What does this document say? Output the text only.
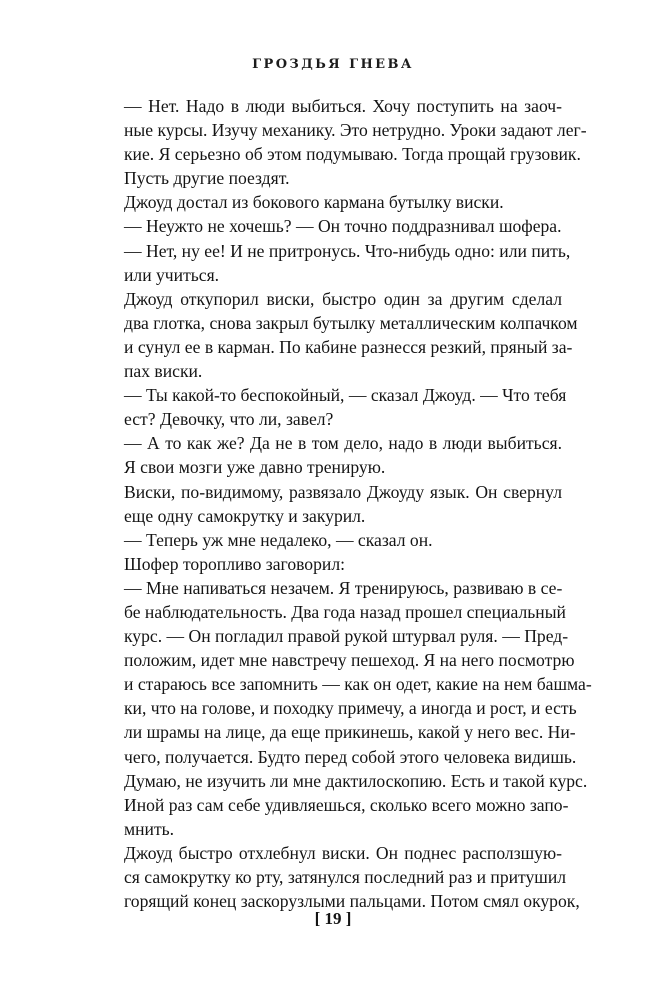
ГРОЗДЬЯ ГНЕВА

— Нет. Надо в люди выбиться. Хочу поступить на заоч-
ные курсы. Изучу механику. Это нетрудно. Уроки задают лег-
кие. Я серьезно об этом подумываю. Тогда прощай грузовик.
Пусть другие поездят.

Джоуд достал из бокового кармана бутылку виски.

— Неужто не хочешь? — Он точно поддразнивал шофера.

— Нет, ну ее! И не притронусь. Что-нибудь одно: или пить,
или учиться.

Джоуд откупорил виски, быстро один за другим сделал
два глотка, снова закрыл бутылку металлическим колпачком
и сунул ее в карман. По кабине разнесся резкий, пряный за-
пах виски.

— Ты какой-то беспокойный, — сказал Джоуд. — Что тебя
ест? Девочку, что ли, завел?

— А то как же? Да не в том дело, надо в люди выбиться.
Я свои мозги уже давно тренирую.

Виски, по-видимому, развязало Джоуду язык. Он свернул
еще одну самокрутку и закурил.

— Теперь уж мне недалеко, — сказал он.

Шофер торопливо заговорил:

— Мне напиваться незачем. Я тренируюсь, развиваю в се-
бе наблюдательность. Два года назад прошел специальный
курс. — Он погладил правой рукой штурвал руля. — Пред-
положим, идет мне навстречу пешеход. Я на него посмотрю
и стараюсь все запомнить — как он одет, какие на нем башма-
ки, что на голове, и походку примечу, а иногда и рост, и есть
ли шрамы на лице, да еще прикинешь, какой у него вес. Ни-
чего, получается. Будто перед собой этого человека видишь.
Думаю, не изучить ли мне дактилоскопию. Есть и такой курс.
Иной раз сам себе удивляешься, сколько всего можно запо-
мнить.

Джоуд быстро отхлебнул виски. Он поднес расползшую-
ся самокрутку ко рту, затянулся последний раз и притушил
горящий конец заскорузлыми пальцами. Потом смял окурок,

[ 19 ]
